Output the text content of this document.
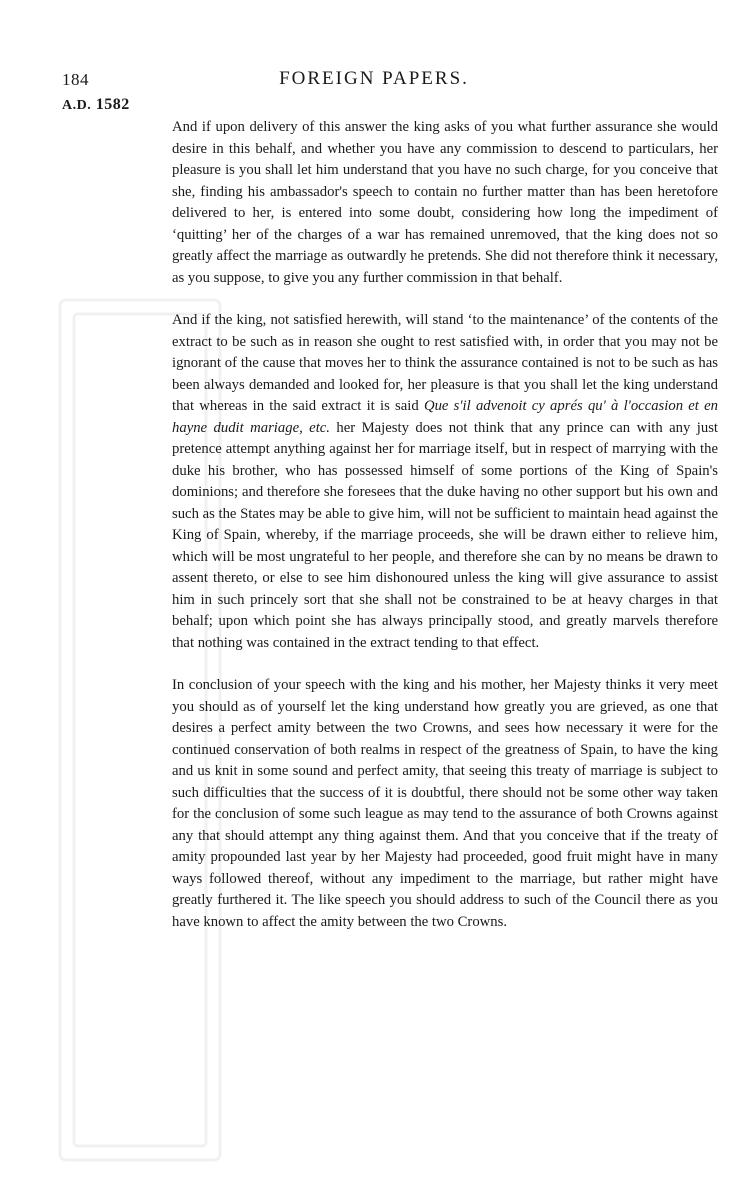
184	FOREIGN PAPERS.
A.D. 1582

And if upon delivery of this answer the king asks of you what further assurance she would desire in this behalf, and whether you have any commission to descend to particulars, her pleasure is you shall let him understand that you have no such charge, for you conceive that she, finding his ambassador's speech to contain no further matter than has been heretofore delivered to her, is entered into some doubt, considering how long the impediment of ‘quitting’ her of the charges of a war has remained unremoved, that the king does not so greatly affect the marriage as outwardly he pretends. She did not therefore think it necessary, as you suppose, to give you any further commission in that behalf.

And if the king, not satisfied herewith, will stand ‘to the maintenance’ of the contents of the extract to be such as in reason she ought to rest satisfied with, in order that you may not be ignorant of the cause that moves her to think the assurance contained is not to be such as has been always demanded and looked for, her pleasure is that you shall let the king understand that whereas in the said extract it is said Que s'il advenoit cy aprés qu' à l'occasion et en hayne dudit mariage, etc. her Majesty does not think that any prince can with any just pretence attempt anything against her for marriage itself, but in respect of marrying with the duke his brother, who has possessed himself of some portions of the King of Spain's dominions; and therefore she foresees that the duke having no other support but his own and such as the States may be able to give him, will not be sufficient to maintain head against the King of Spain, whereby, if the marriage proceeds, she will be drawn either to relieve him, which will be most ungrateful to her people, and therefore she can by no means be drawn to assent thereto, or else to see him dishonoured unless the king will give assurance to assist him in such princely sort that she shall not be constrained to be at heavy charges in that behalf; upon which point she has always principally stood, and greatly marvels therefore that nothing was contained in the extract tending to that effect.

In conclusion of your speech with the king and his mother, her Majesty thinks it very meet you should as of yourself let the king understand how greatly you are grieved, as one that desires a perfect amity between the two Crowns, and sees how necessary it were for the continued conservation of both realms in respect of the greatness of Spain, to have the king and us knit in some sound and perfect amity, that seeing this treaty of marriage is subject to such difficulties that the success of it is doubtful, there should not be some other way taken for the conclusion of some such league as may tend to the assurance of both Crowns against any that should attempt any thing against them. And that you conceive that if the treaty of amity propounded last year by her Majesty had proceeded, good fruit might have in many ways followed thereof, without any impediment to the marriage, but rather might have greatly furthered it. The like speech you should address to such of the Council there as you have known to affect the amity between the two Crowns.
